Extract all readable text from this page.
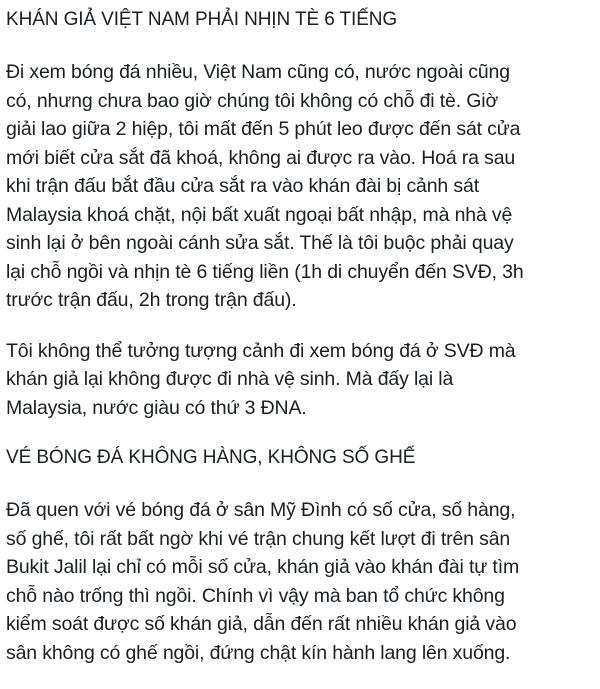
KHÁN GIẢ VIỆT NAM PHẢI NHỊN TÈ 6 TIẾNG
Đi xem bóng đá nhiều, Việt Nam cũng có, nước ngoài cũng
có, nhưng chưa bao giờ chúng tôi không có chỗ đi tè. Giờ
giải lao giữa 2 hiệp, tôi mất đến 5 phút leo được đến sát cửa
mới biết cửa sắt đã khoá, không ai được ra vào. Hoá ra sau
khi trận đấu bắt đầu cửa sắt ra vào khán đài bị cảnh sát
Malaysia khoá chặt, nội bất xuất ngoại bất nhập, mà nhà vệ
sinh lại ở bên ngoài cánh sửa sắt. Thế là tôi buộc phải quay
lại chỗ ngồi và nhịn tè 6 tiếng liền (1h di chuyển đến SVĐ, 3h
trước trận đấu, 2h trong trận đấu).
Tôi không thể tưởng tượng cảnh đi xem bóng đá ở SVĐ mà
khán giả lại không được đi nhà vệ sinh. Mà đấy lại là
Malaysia, nước giàu có thứ 3 ĐNA.
VÉ BÓNG ĐÁ KHÔNG HÀNG, KHÔNG SỐ GHẾ
Đã quen với vé bóng đá ở sân Mỹ Đình có số cửa, số hàng,
số ghế, tôi rất bất ngờ khi vé trận chung kết lượt đi trên sân
Bukit Jalil lại chỉ có mỗi số cửa, khán giả vào khán đài tự tìm
chỗ nào trống thì ngồi. Chính vì vậy mà ban tổ chức không
kiểm soát được số khán giả, dẫn đến rất nhiều khán giả vào
sân không có ghế ngồi, đứng chật kín hành lang lên xuống.
